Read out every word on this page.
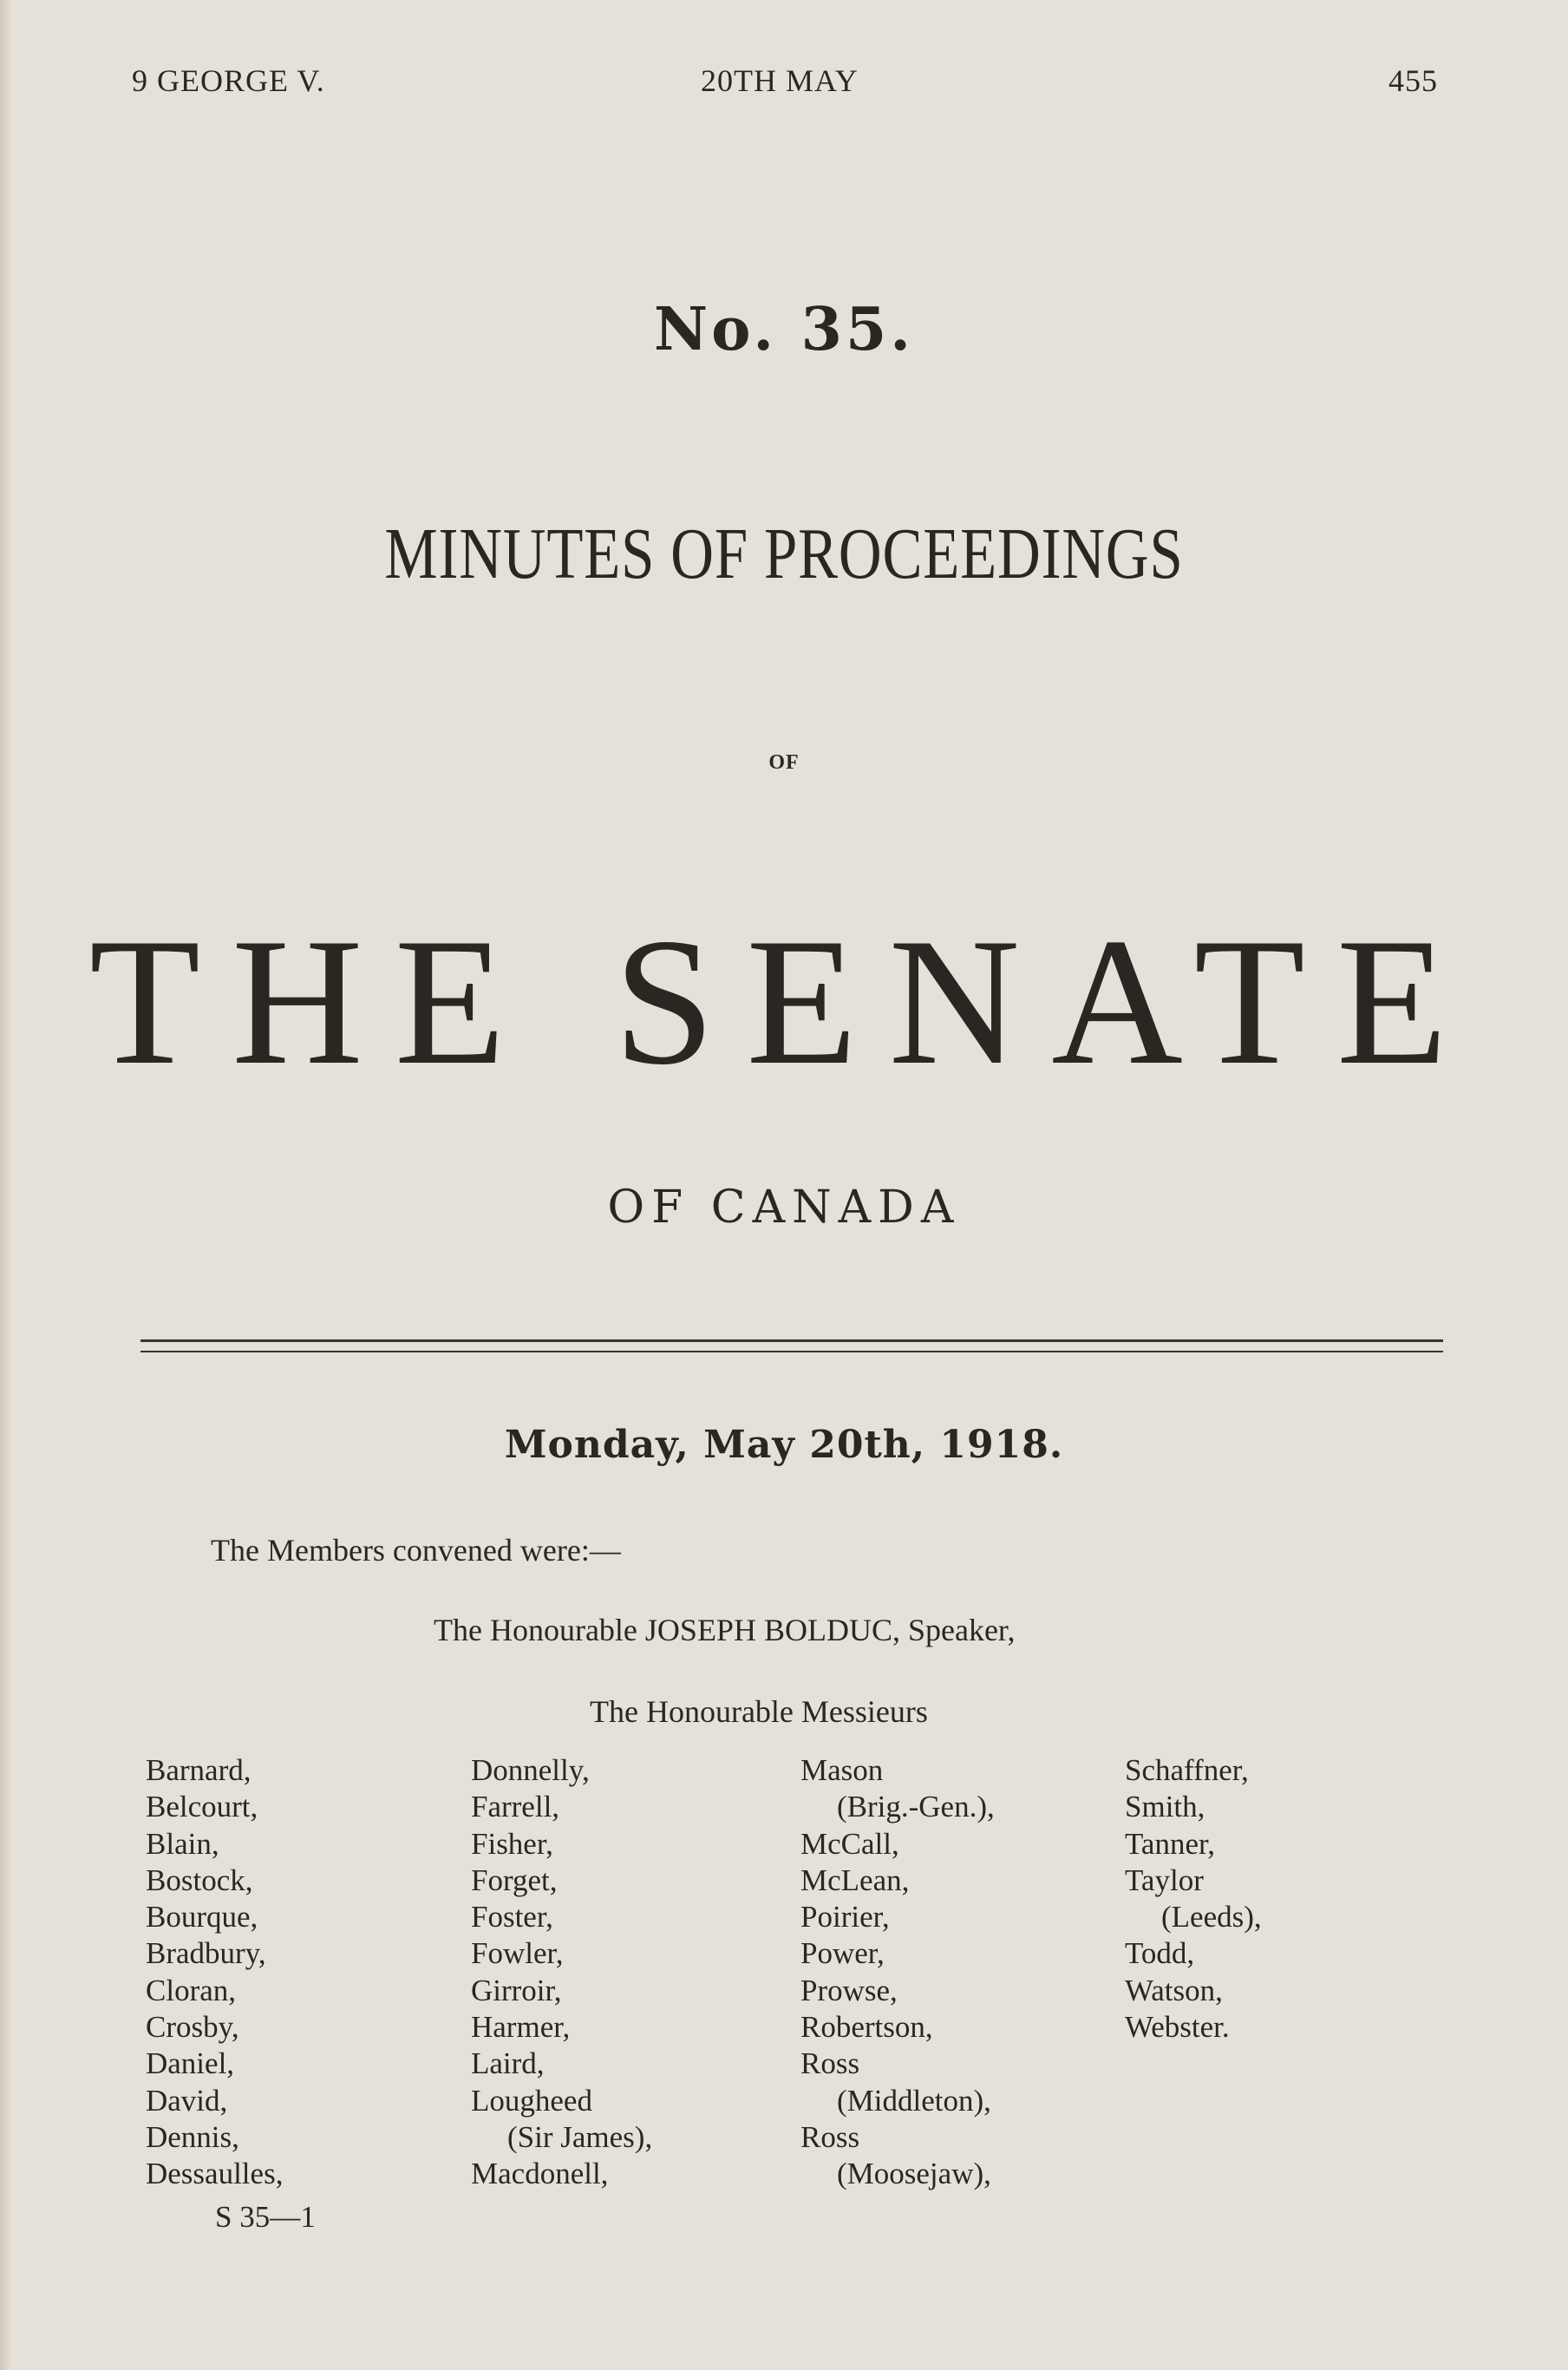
9 GEORGE V.	20TH MAY	455
No. 35.
MINUTES OF PROCEEDINGS
OF
THE SENATE
OF CANADA
Monday, May 20th, 1918.
The Members convened were:—
The Honourable JOSEPH BOLDUC, Speaker,
The Honourable Messieurs
Barnard,
Belcourt,
Blain,
Bostock,
Bourque,
Bradbury,
Cloran,
Crosby,
Daniel,
David,
Dennis,
Dessaulles,
Donnelly,
Farrell,
Fisher,
Forget,
Foster,
Fowler,
Girroir,
Harmer,
Laird,
Lougheed
(Sir James),
Macdonell,
Mason
(Brig.-Gen.),
McCall,
McLean,
Poirier,
Power,
Prowse,
Robertson,
Ross
(Middleton),
Ross
(Moosejaw),
Schaffner,
Smith,
Tanner,
Taylor
(Leeds),
Todd,
Watson,
Webster.
S 35—1
